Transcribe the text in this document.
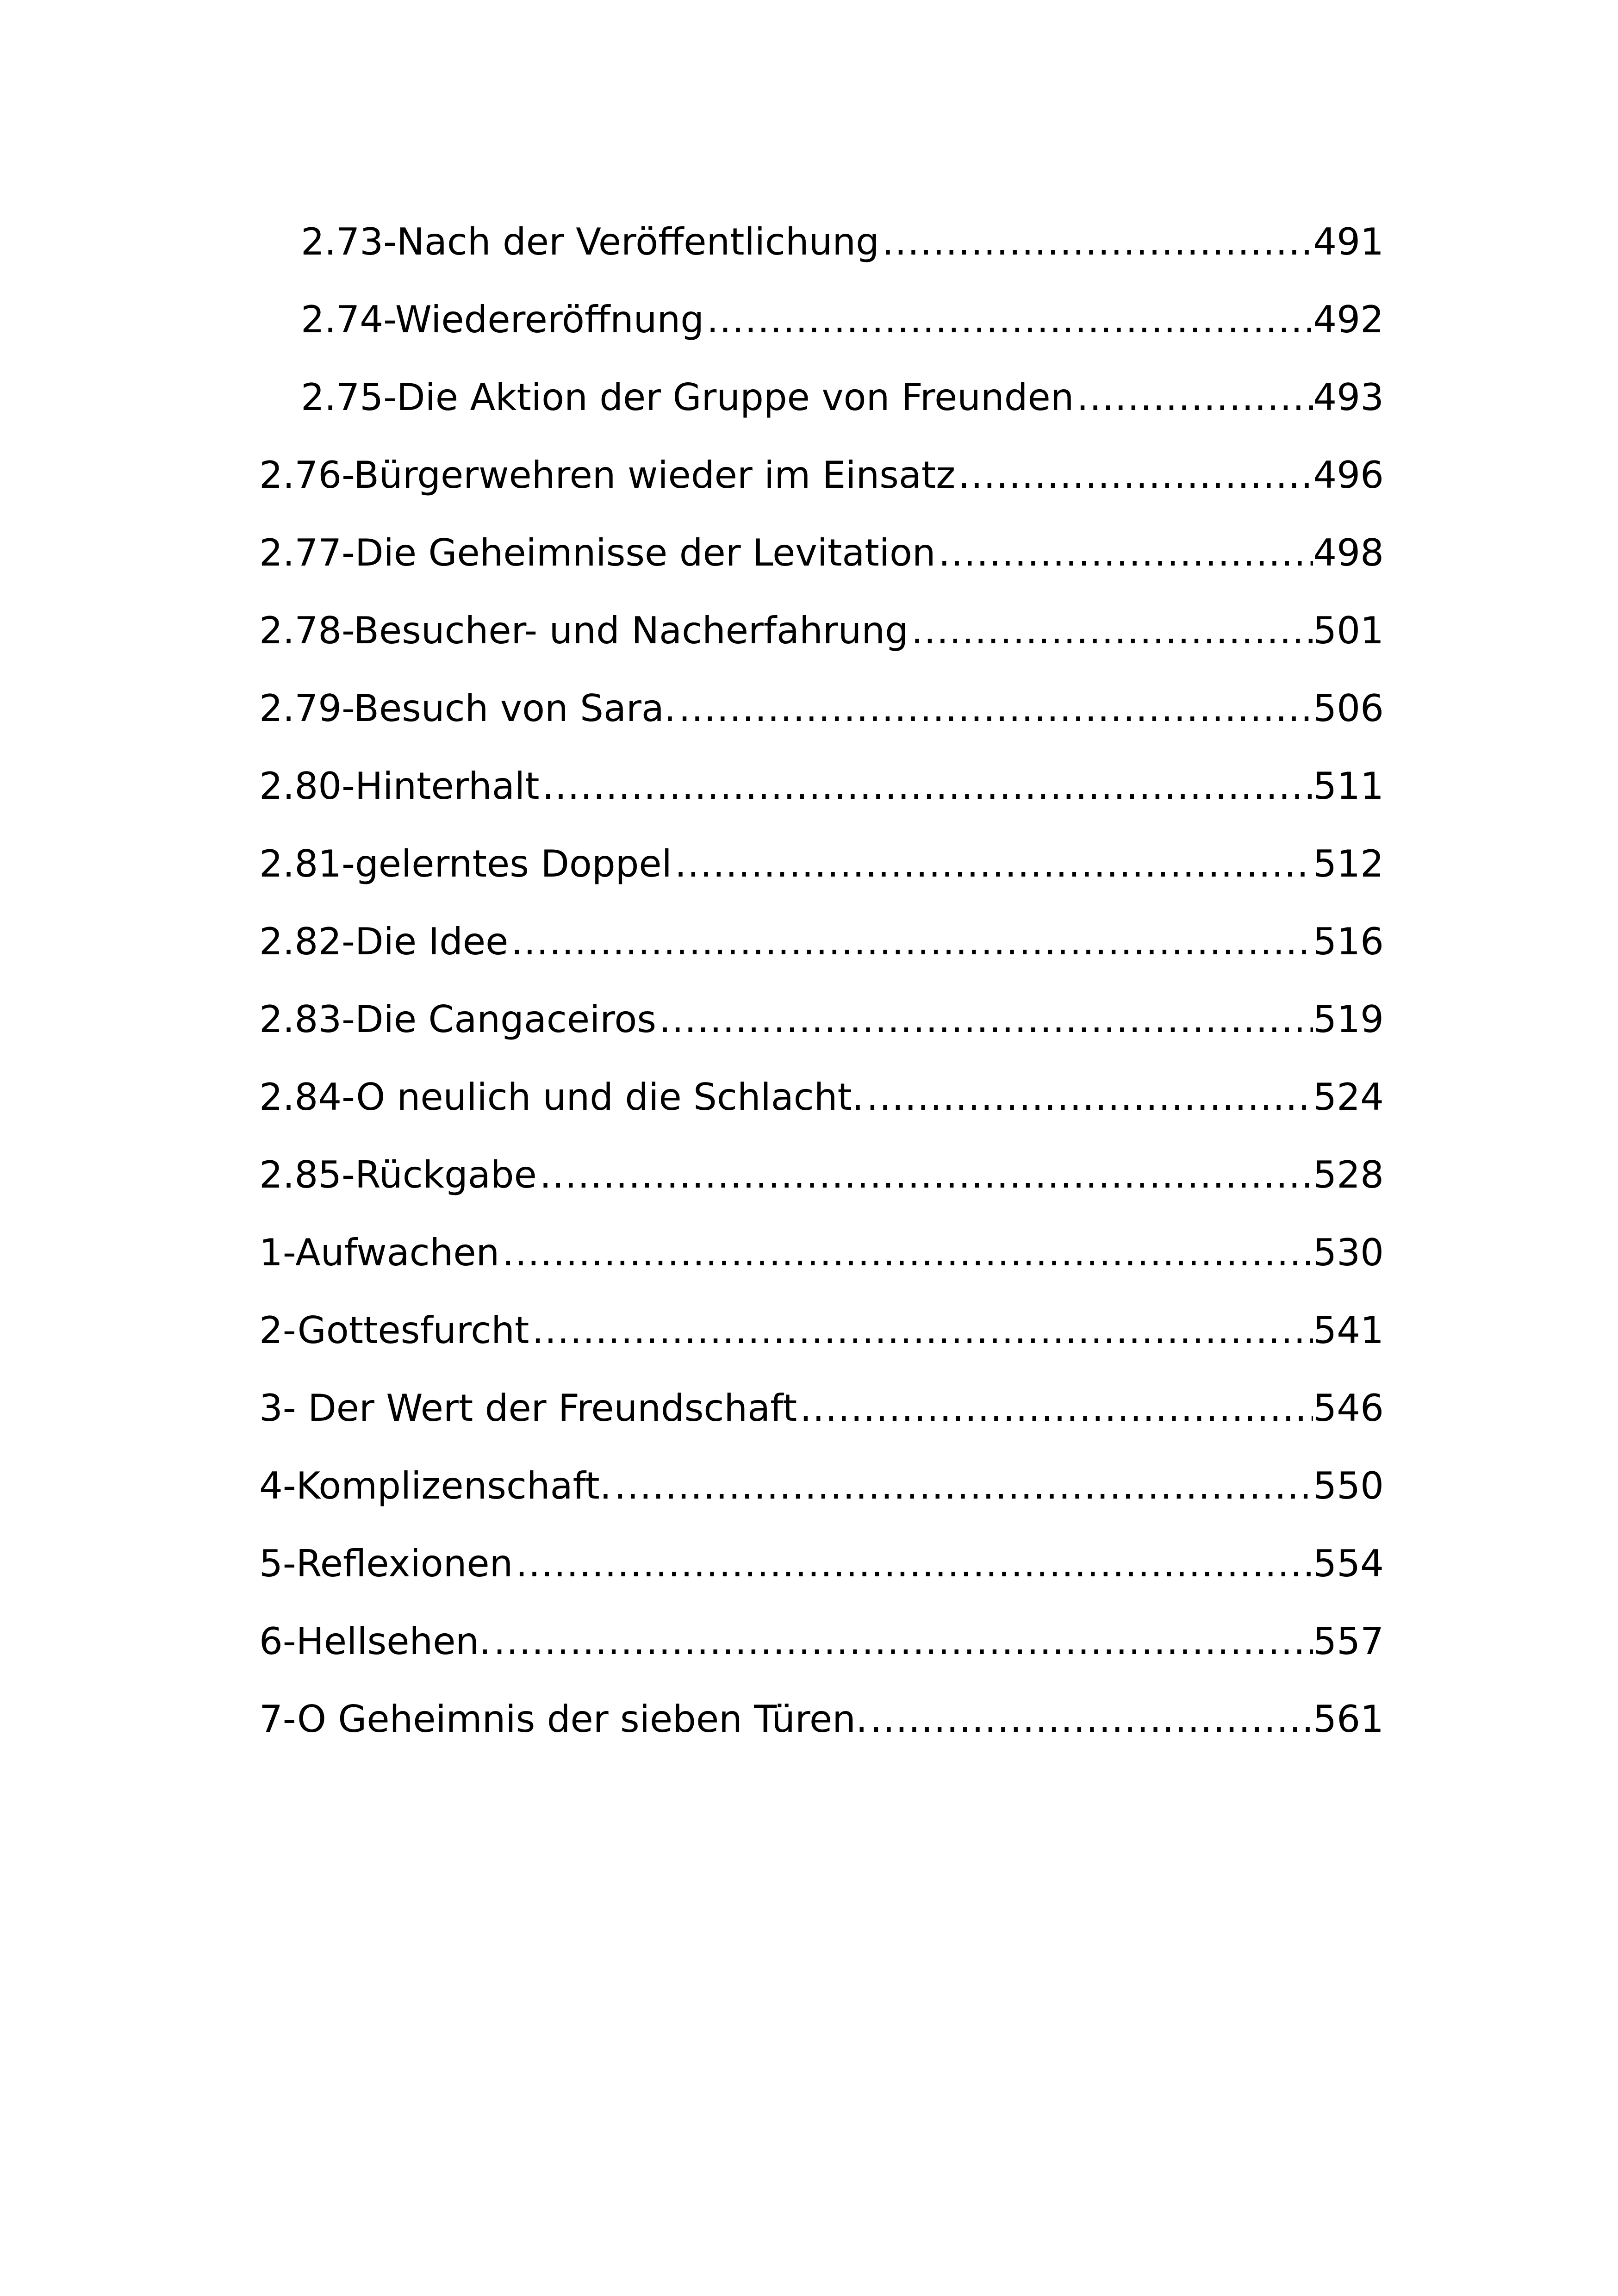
2.73-Nach der Veröffentlichung .....	491
2.74-Wiedereröffnung .....	492
2.75-Die Aktion der Gruppe von Freunden .....	493
2.76-Bürgerwehren wieder im Einsatz .....	496
2.77-Die Geheimnisse der Levitation .....	498
2.78-Besucher- und Nacherfahrung .....	501
2.79-Besuch von Sara. .....	506
2.80-Hinterhalt .....	511
2.81-gelerntes Doppel .....	512
2.82-Die Idee .....	516
2.83-Die Cangaceiros .....	519
2.84-O neulich und die Schlacht. .....	524
2.85-Rückgabe .....	528
1-Aufwachen .....	530
2-Gottesfurcht .....	541
3- Der Wert der Freundschaft .....	546
4-Komplizenschaft. .....	550
5-Reflexionen .....	554
6-Hellsehen. .....	557
7-O Geheimnis der sieben Türen. .....	561
